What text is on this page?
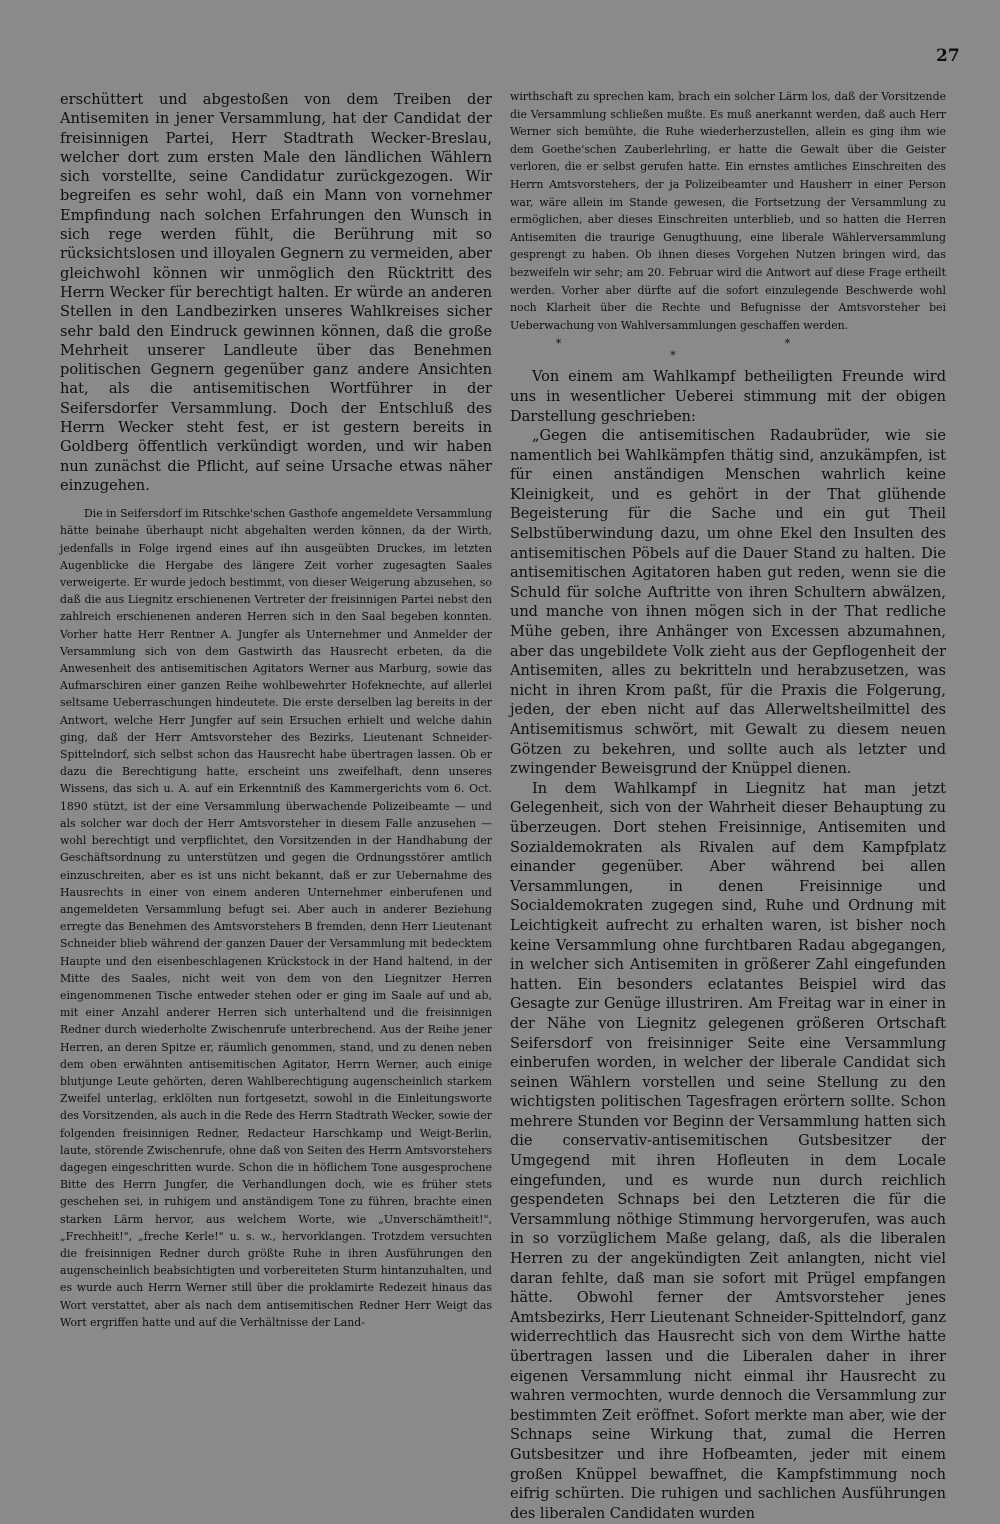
27

erschüttert und abgestoßen von dem Treiben der Antisemiten in jener Versammlung, hat der Candidat der freisinnigen Partei, Herr Stadtrath Wecker-Breslau, welcher dort zum ersten Male den ländlichen Wählern sich vorstellte, seine Candidatur zurückgezogen. Wir begreifen es sehr wohl, daß ein Mann von vornehmer Empfindung nach solchen Erfahrungen den Wunsch in sich rege werden fühlt, die Berührung mit so rücksichtslosen und illoyalen Gegnern zu vermeiden, aber gleichwohl können wir unmöglich den Rücktritt des Herrn Wecker für berechtigt halten. Er würde an anderen Stellen in den Landbezirken unseres Wahlkreises sicher sehr bald den Eindruck gewinnen können, daß die große Mehrheit unserer Landleute über das Benehmen politischen Gegnern gegenüber ganz andere Ansichten hat, als die antisemitischen Wortführer in der Seifersdorfer Versammlung. Doch der Entschluß des Herrn Wecker steht fest, er ist gestern bereits in Goldberg öffentlich verkündigt worden, und wir haben nun zunächst die Pflicht, auf seine Ursache etwas näher einzugehen.

Die in Seifersdorf im Ritschke'schen Gasthofe angemeldete Versammlung hätte beinahe überhaupt nicht abgehalten werden können, da der Wirth, jedenfalls in Folge irgend eines auf ihn ausgeübten Druckes, im letzten Augenblicke die Hergabe des längere Zeit vorher zugesagten Saales verweigerte. Er wurde jedoch bestimmt, von dieser Weigerung abzusehen, so daß die aus Liegnitz erschienenen Vertreter der freisinnigen Partei nebst den zahlreich erschienenen anderen Herren sich in den Saal begeben konnten. Vorher hatte Herr Rentner A. Jungfer als Unternehmer und Anmelder der Versammlung sich von dem Gastwirth das Hausrecht erbeten, da die Anwesenheit des antisemitischen Agitators Werner aus Marburg, sowie das Aufmarschiren einer ganzen Reihe wohlbewehrter Hofeknechte, auf allerlei seltsame Ueberraschungen hindeutete. Die erste derselben lag bereits in der Antwort, welche Herr Jungfer auf sein Ersuchen erhielt und welche dahin ging, daß der Herr Amtsvorsteher des Bezirks, Lieutenant Schneider-Spittelndorf, sich selbst schon das Hausrecht habe übertragen lassen. Ob er dazu die Berechtigung hatte, erscheint uns zweifelhaft, denn unseres Wissens, das sich u. A. auf ein Erkenntniß des Kammergerichts vom 6. Oct. 1890 stützt, ist der eine Versammlung überwachende Polizeibeamte — und als solcher war doch der Herr Amtsvorsteher in diesem Falle anzusehen — wohl berechtigt und verpflichtet, den Vorsitzenden in der Handhabung der Geschäftsordnung zu unterstützen und gegen die Ordnungsstörer amtlich einzuschreiten, aber es ist uns nicht bekannt, daß er zur Uebernahme des Hausrechts in einer von einem anderen Unternehmer einberufenen und angemeldeten Versammlung befugt sei. Aber auch in anderer Beziehung erregte das Benehmen des Amtsvorstehers B fremden, denn Herr Lieutenant Schneider blieb während der ganzen Dauer der Versammlung mit bedecktem Haupte und den eisenbeschlagenen Krückstock in der Hand haltend, in der Mitte des Saales, nicht weit von dem von den Liegnitzer Herren eingenommenen Tische entweder stehen oder er ging im Saale auf und ab, mit einer Anzahl anderer Herren sich unterhaltend und die freisinnigen Redner durch wiederholte Zwischenrufe unterbrechend. Aus der Reihe jener Herren, an deren Spitze er, räumlich genommen, stand, und zu denen neben dem oben erwähnten antisemitischen Agitator, Herrn Werner, auch einige blutjunge Leute gehörten, deren Wahlberechtigung augenscheinlich starkem Zweifel unterlag, erklölten nun fortgesetzt, sowohl in die Einleitungsworte des Vorsitzenden, als auch in die Rede des Herrn Stadtrath Wecker, sowie der folgenden freisinnigen Redner, Redacteur Harschkamp und Weigt-Berlin, laute, störende Zwischenrufe, ohne daß von Seiten des Herrn Amtsvorstehers dagegen eingeschritten wurde. Schon die in höflichem Tone ausgesprochene Bitte des Herrn Jungfer, die Verhandlungen doch, wie es früher stets geschehen sei, in ruhigem und anständigem Tone zu führen, brachte einen starken Lärm hervor, aus welchem Worte, wie „Unverschämtheit!", „Frechheit!", „freche Kerle!" u. s. w., hervorklangen. Trotzdem versuchten die freisinnigen Redner durch größte Ruhe in ihren Ausführungen den augenscheinlich beabsichtigten und vorbereiteten Sturm hintanzuhalten, und es wurde auch Herrn Werner still über die proklamirte Redezeit hinaus das Wort verstattet, aber als nach dem antisemitischen Redner Herr Weigt das Wort ergriffen hatte und auf die Verhältnisse der Land-

wirthschaft zu sprechen kam, brach ein solcher Lärm los, daß der Vorsitzende die Versammlung schließen mußte. Es muß anerkannt werden, daß auch Herr Werner sich bemühte, die Ruhe wiederherzustellen, allein es ging ihm wie dem Goethe'schen Zauberlehrling, er hatte die Gewalt über die Geister verloren, die er selbst gerufen hatte. Ein ernstes amtliches Einschreiten des Herrn Amtsvorstehers, der ja Polizeibeamter und Hausherr in einer Person war, wäre allein im Stande gewesen, die Fortsetzung der Versammlung zu ermöglichen, aber dieses Einschreiten unterblieb, und so hatten die Herren Antisemiten die traurige Genugthuung, eine liberale Wählerversammlung gesprengt zu haben. Ob ihnen dieses Vorgehen Nutzen bringen wird, das bezweifeln wir sehr; am 20. Februar wird die Antwort auf diese Frage ertheilt werden. Vorher aber dürfte auf die sofort einzulegende Beschwerde wohl noch Klarheit über die Rechte und Befugnisse der Amtsvorsteher bei Ueberwachung von Wahlversammlungen geschaffen werden.

* * *

Von einem am Wahlkampf betheiligten Freunde wird uns in wesentlicher Ueberei stimmung mit der obigen Darstellung geschrieben:

„Gegen die antisemitischen Radaubrüder, wie sie namentlich bei Wahlkämpfen thätig sind, anzukämpfen, ist für einen anständigen Menschen wahrlich keine Kleinigkeit, und es gehört in der That glühende Begeisterung für die Sache und ein gut Theil Selbstüberwindung dazu, um ohne Ekel den Insulten des antisemitischen Pöbels auf die Dauer Stand zu halten. Die antisemitischen Agitatoren haben gut reden, wenn sie die Schuld für solche Auftritte von ihren Schultern abwälzen, und manche von ihnen mögen sich in der That redliche Mühe geben, ihre Anhänger von Excessen abzumahnen, aber das ungebildete Volk zieht aus der Gepflogenheit der Antisemiten, alles zu bekritteln und herabzusetzen, was nicht in ihren Krom paßt, für die Praxis die Folgerung, jeden, der eben nicht auf das Allerweltsheilmittel des Antisemitismus schwört, mit Gewalt zu diesem neuen Götzen zu bekehren, und sollte auch als letzter und zwingender Beweisgrund der Knüppel dienen.

In dem Wahlkampf in Liegnitz hat man jetzt Gelegenheit, sich von der Wahrheit dieser Behauptung zu überzeugen. Dort stehen Freisinnige, Antisemiten und Sozialdemokraten als Rivalen auf dem Kampfplatz einander gegenüber. Aber während bei allen Versammlungen, in denen Freisinnige und Socialdemokraten zugegen sind, Ruhe und Ordnung mit Leichtigkeit aufrecht zu erhalten waren, ist bisher noch keine Versammlung ohne furchtbaren Radau abgegangen, in welcher sich Antisemiten in größerer Zahl eingefunden hatten. Ein besonders eclatantes Beispiel wird das Gesagte zur Genüge illustriren. Am Freitag war in einer in der Nähe von Liegnitz gelegenen größeren Ortschaft Seifersdorf von freisinniger Seite eine Versammlung einberufen worden, in welcher der liberale Candidat sich seinen Wählern vorstellen und seine Stellung zu den wichtigsten politischen Tagesfragen erörtern sollte. Schon mehrere Stunden vor Beginn der Versammlung hatten sich die conservativ-antisemitischen Gutsbesitzer der Umgegend mit ihren Hofleuten in dem Locale eingefunden, und es wurde nun durch reichlich gespendeten Schnaps bei den Letzteren die für die Versammlung nöthige Stimmung hervorgerufen, was auch in so vorzüglichem Maße gelang, daß, als die liberalen Herren zu der angekündigten Zeit anlangten, nicht viel daran fehlte, daß man sie sofort mit Prügel empfangen hätte. Obwohl ferner der Amtsvorsteher jenes Amtsbezirks, Herr Lieutenant Schneider-Spittelndorf, ganz widerrechtlich das Hausrecht sich von dem Wirthe hatte übertragen lassen und die Liberalen daher in ihrer eigenen Versammlung nicht einmal ihr Hausrecht zu wahren vermochten, wurde dennoch die Versammlung zur bestimmten Zeit eröffnet. Sofort merkte man aber, wie der Schnaps seine Wirkung that, zumal die Herren Gutsbesitzer und ihre Hofbeamten, jeder mit einem großen Knüppel bewaffnet, die Kampfstimmung noch eifrig schürten. Die ruhigen und sachlichen Ausführungen des liberalen Candidaten wurden
